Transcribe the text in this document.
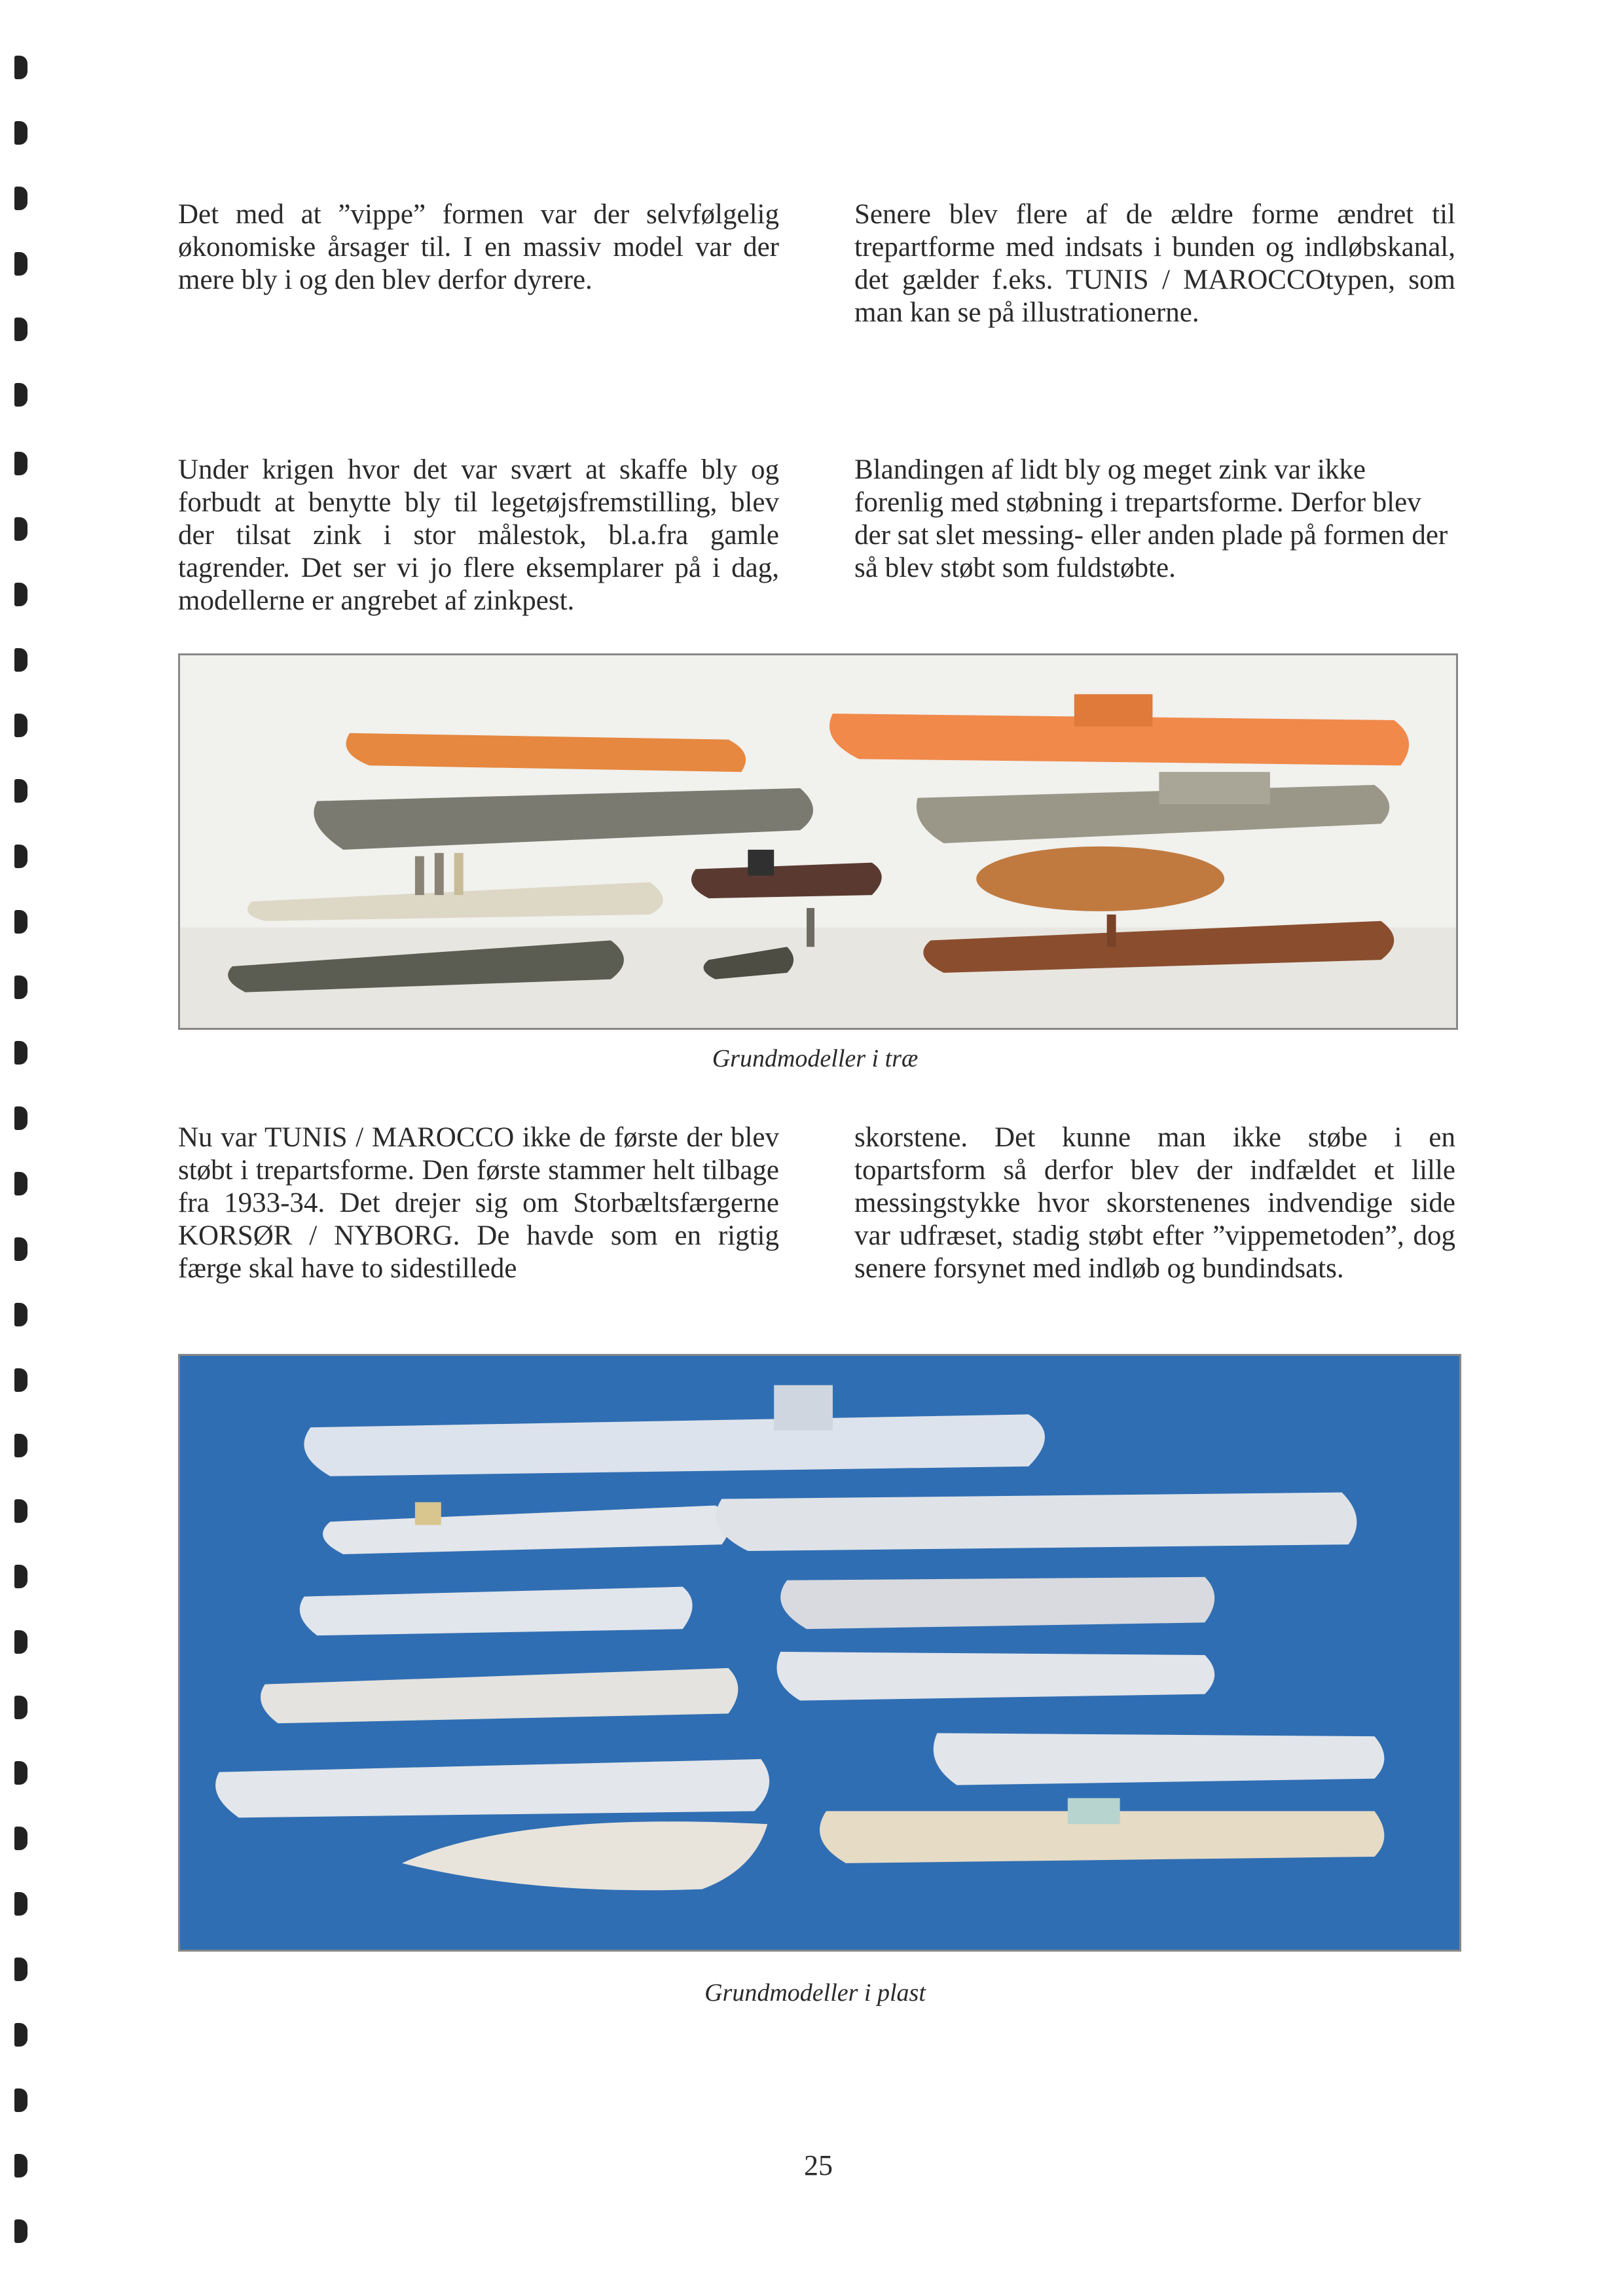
Det med at ”vippe” formen var der selvfølgelig økonomiske årsager til. I en massiv model var der mere bly i og den blev derfor dyrere.

Senere blev flere af de ældre forme ændret til trepartforme med indsats i bunden og indløbskanal, det gælder f.eks. TUNIS / MAROCCOtypen, som man kan se på illustrationerne.

Under krigen hvor det var svært at skaffe bly og forbudt at benytte bly til legetøjsfremstilling, blev der tilsat zink i stor målestok, bl.a.fra gamle tagrender. Det ser vi jo flere eksemplarer på i dag, modellerne er angrebet af zinkpest.

Blandingen af lidt bly og meget zink var ikke forenlig med støbning i trepartsforme. Derfor blev der sat slet messing- eller anden plade på formen der så blev støbt som fuldstøbte.

Grundmodeller i træ

Nu var TUNIS / MAROCCO ikke de første der blev støbt i trepartsforme. Den første stammer helt tilbage fra 1933-34. Det drejer sig om Storbæltsfærgerne KORSØR / NYBORG. De havde som en rigtig færge skal have to sidestillede

skorstene. Det kunne man ikke støbe i en topartsform så derfor blev der indfældet et lille messingstykke hvor skorstenenes indvendige side var udfræset, stadig støbt efter ”vippemetoden”, dog senere forsynet med indløb og bundindsats.

Grundmodeller i plast
25
